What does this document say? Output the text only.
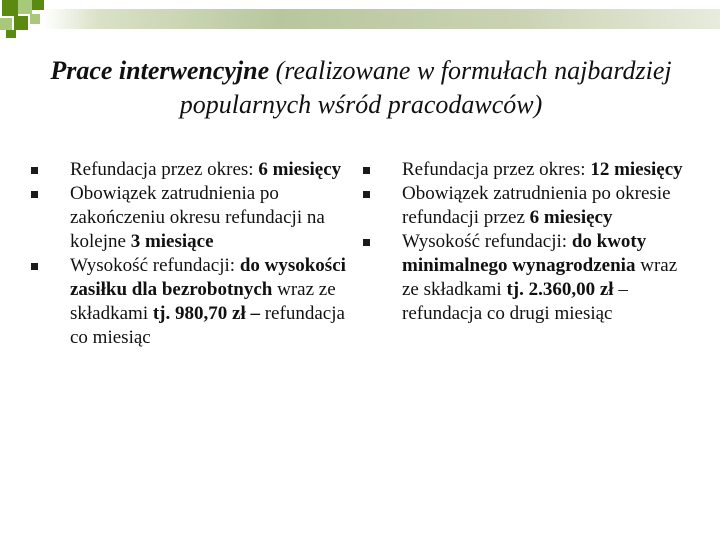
Prace interwencyjne (realizowane w formułach najbardziej popularnych wśród pracodawców)
Refundacja przez okres: 6 miesięcy
Obowiązek zatrudnienia po zakończeniu okresu refundacji na kolejne 3 miesiące
Wysokość refundacji: do wysokości zasiłku dla bezrobotnych wraz ze składkami tj. 980,70 zł – refundacja co miesiąc
Refundacja przez okres: 12 miesięcy
Obowiązek zatrudnienia po okresie refundacji przez 6 miesięcy
Wysokość refundacji: do kwoty minimalnego wynagrodzenia wraz ze składkami tj. 2.360,00 zł – refundacja co drugi miesiąc
